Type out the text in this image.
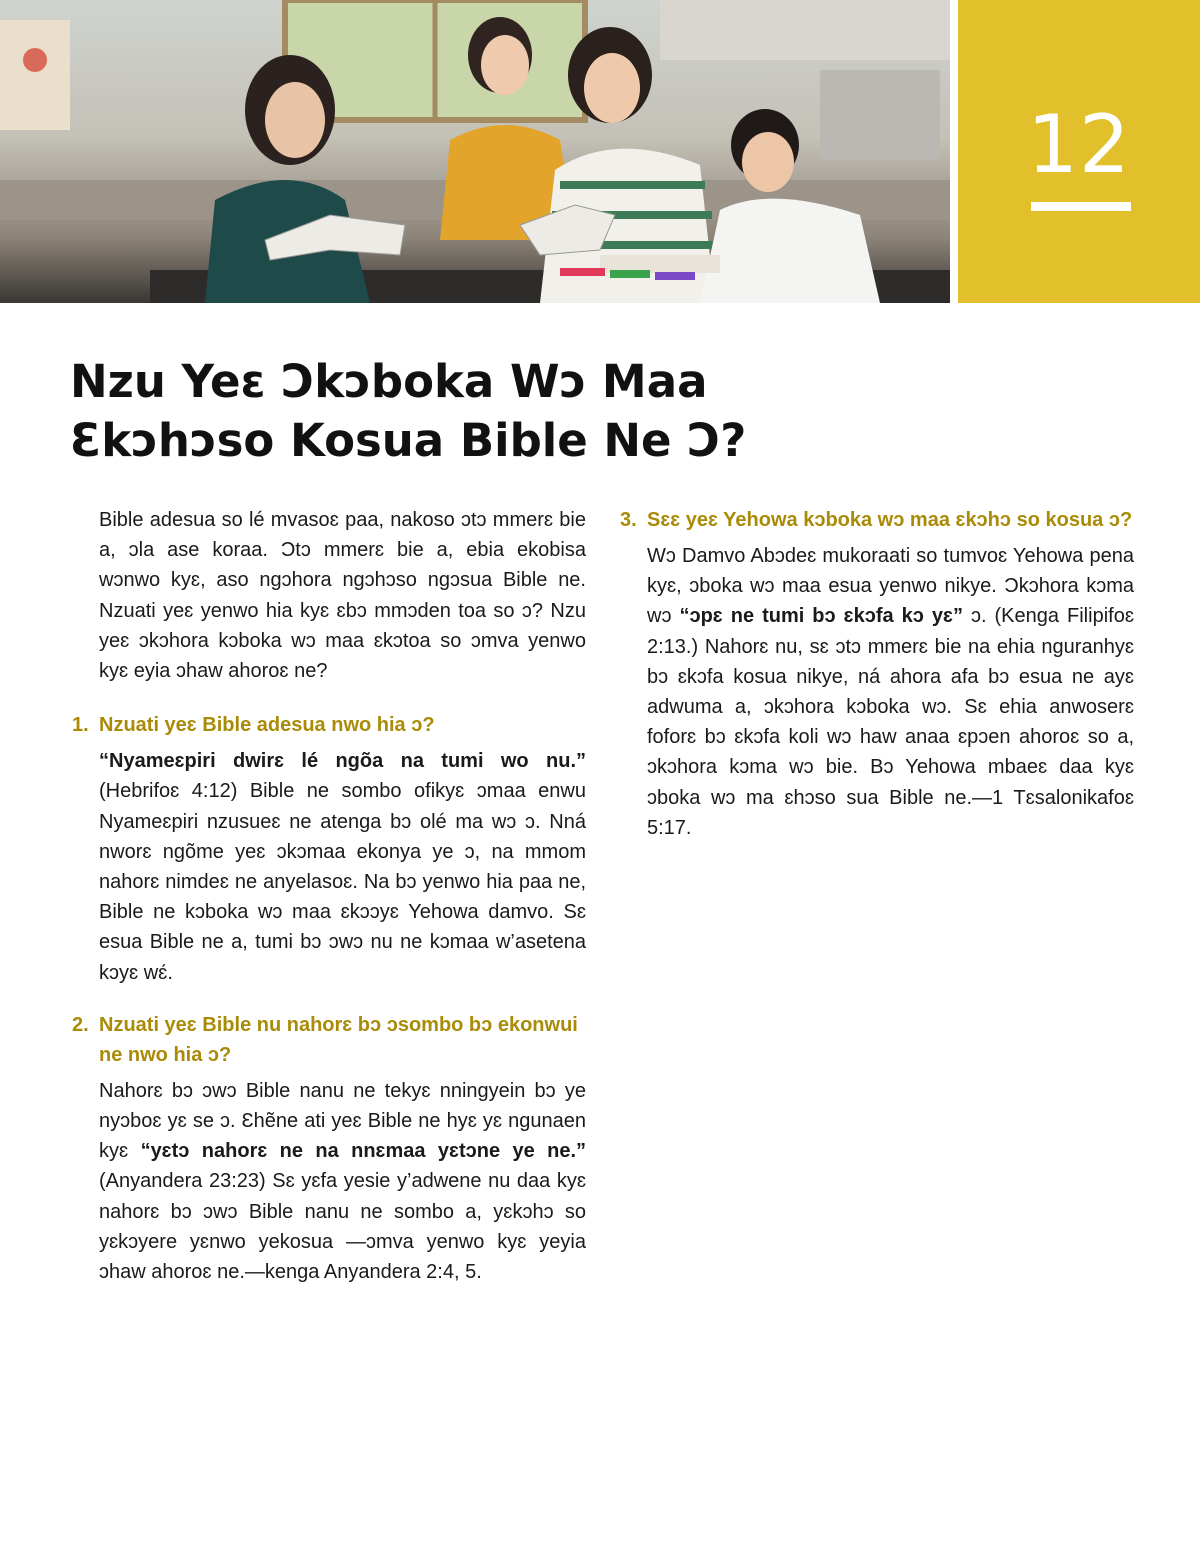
12
Nzu Yeɛ Ɔkɔboka Wɔ Maa
Ɛkɔhɔso Kosua Bible Ne Ɔ?

Bible adesua so lé mvasoɛ paa, nakoso ɔtɔ mmerɛ bie a, ɔla ase koraa. Ɔtɔ mmerɛ bie a, ebia ekobisa wɔnwo kyɛ, aso ngɔhora ngɔhɔso ngɔsua Bible ne. Nzuati yeɛ yenwo hia kyɛ ɛbɔ mmɔden toa so ɔ? Nzu yeɛ ɔkɔhora kɔboka wɔ maa ɛkɔtoa so ɔmva yenwo kyɛ eyia ɔhaw ahoroɛ ne?

1. Nzuati yeɛ Bible adesua nwo hia ɔ?

“Nyameɛpiri dwirɛ lé ngõa na tumi wo nu.” (Hebrifoɛ 4:12) Bible ne sombo ofikyɛ ɔmaa enwu Nyameɛpiri nzusueɛ ne atenga bɔ olé ma wɔ ɔ. Nná nworɛ ngõme yeɛ ɔkɔmaa ekonya ye ɔ, na mmom nahorɛ nimdeɛ ne anyelasoɛ. Na bɔ yenwo hia paa ne, Bible ne kɔboka wɔ maa ɛkɔɔyɛ Yehowa damvo. Sɛ esua Bible ne a, tumi bɔ ɔwɔ nu ne kɔmaa w’asetena kɔyɛ wɛ́.

2. Nzuati yeɛ Bible nu nahorɛ bɔ ɔsombo bɔ ekonwui ne nwo hia ɔ?

Nahorɛ bɔ ɔwɔ Bible nanu ne tekyɛ nningyein bɔ ye nyɔboɛ yɛ se ɔ. Ɛhẽne ati yeɛ Bible ne hyɛ yɛ ngunaen kyɛ “yɛtɔ nahorɛ ne na nnɛmaa yɛtɔne ye ne.” (Anyandera 23:23) Sɛ yɛfa yesie y’adwene nu daa kyɛ nahorɛ bɔ ɔwɔ Bible nanu ne sombo a, yɛkɔhɔ so yɛkɔyere yɛnwo yekosua —ɔmva yenwo kyɛ yeyia ɔhaw ahoroɛ ne.—kenga Anyandera 2:4, 5.

3. Sɛɛ yeɛ Yehowa kɔboka wɔ maa ɛkɔhɔ so kosua ɔ?

Wɔ Damvo Abɔdeɛ mukoraati so tumvoɛ Yehowa pena kyɛ, ɔboka wɔ maa esua yenwo nikye. Ɔkɔhora kɔma wɔ “ɔpɛ ne tumi bɔ ɛkɔfa kɔ yɛ” ɔ. (Kenga Filipifoɛ 2:13.) Nahorɛ nu, sɛ ɔtɔ mmerɛ bie na ehia nguranhyɛ bɔ ɛkɔfa kosua nikye, ná ahora afa bɔ esua ne ayɛ adwuma a, ɔkɔhora kɔboka wɔ. Sɛ ehia anwoserɛ foforɛ bɔ ɛkɔfa koli wɔ haw anaa ɛpɔen ahoroɛ so a, ɔkɔhora kɔma wɔ bie. Bɔ Yehowa mbaeɛ daa kyɛ ɔboka wɔ ma ɛhɔso sua Bible ne.—1 Tɛsalonikafoɛ 5:17.
